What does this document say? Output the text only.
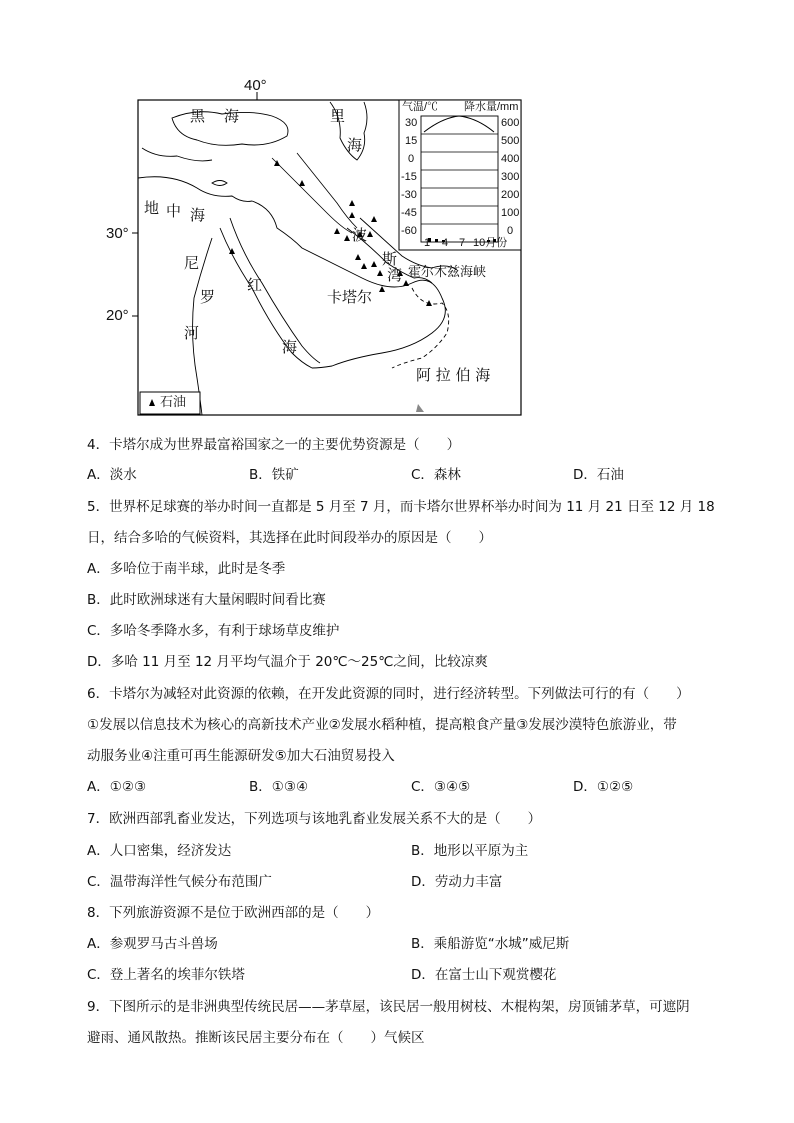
40°
30°
20°
黑 海	里
海
地 中 海
尼
罗
河
红
海
波
斯
湾 霍尔木兹海峡
卡塔尔
阿 拉 伯 海
石油
气温/℃ 降水量/mm
30
15
0
-15
-30
-45
-60
600
500
400
300
200
100
0
1 4 7 10月份
4．卡塔尔成为世界最富裕国家之一的主要优势资源是（　　）
A．淡水	B．铁矿	C．森林	D．石油
5．世界杯足球赛的举办时间一直都是 5 月至 7 月，而卡塔尔世界杯举办时间为 11 月 21 日至 12 月 18
日，结合多哈的气候资料，其选择在此时间段举办的原因是（　　）
A．多哈位于南半球，此时是冬季
B．此时欧洲球迷有大量闲暇时间看比赛
C．多哈冬季降水多，有利于球场草皮维护
D．多哈 11 月至 12 月平均气温介于 20℃～25℃之间，比较凉爽
6．卡塔尔为减轻对此资源的依赖，在开发此资源的同时，进行经济转型。下列做法可行的有（　　）
①发展以信息技术为核心的高新技术产业②发展水稻种植，提高粮食产量③发展沙漠特色旅游业，带
动服务业④注重可再生能源研发⑤加大石油贸易投入
A．①②③	B．①③④	C．③④⑤	D．①②⑤
7．欧洲西部乳畜业发达，下列选项与该地乳畜业发展关系不大的是（　　）
A．人口密集，经济发达	B．地形以平原为主
C．温带海洋性气候分布范围广	D．劳动力丰富
8．下列旅游资源不是位于欧洲西部的是（　　）
A．参观罗马古斗兽场	B．乘船游览“水城”威尼斯
C．登上著名的埃菲尔铁塔	D．在富士山下观赏樱花
9．下图所示的是非洲典型传统民居——茅草屋，该民居一般用树枝、木棍构架，房顶铺茅草，可遮阴
避雨、通风散热。推断该民居主要分布在（　　）气候区
